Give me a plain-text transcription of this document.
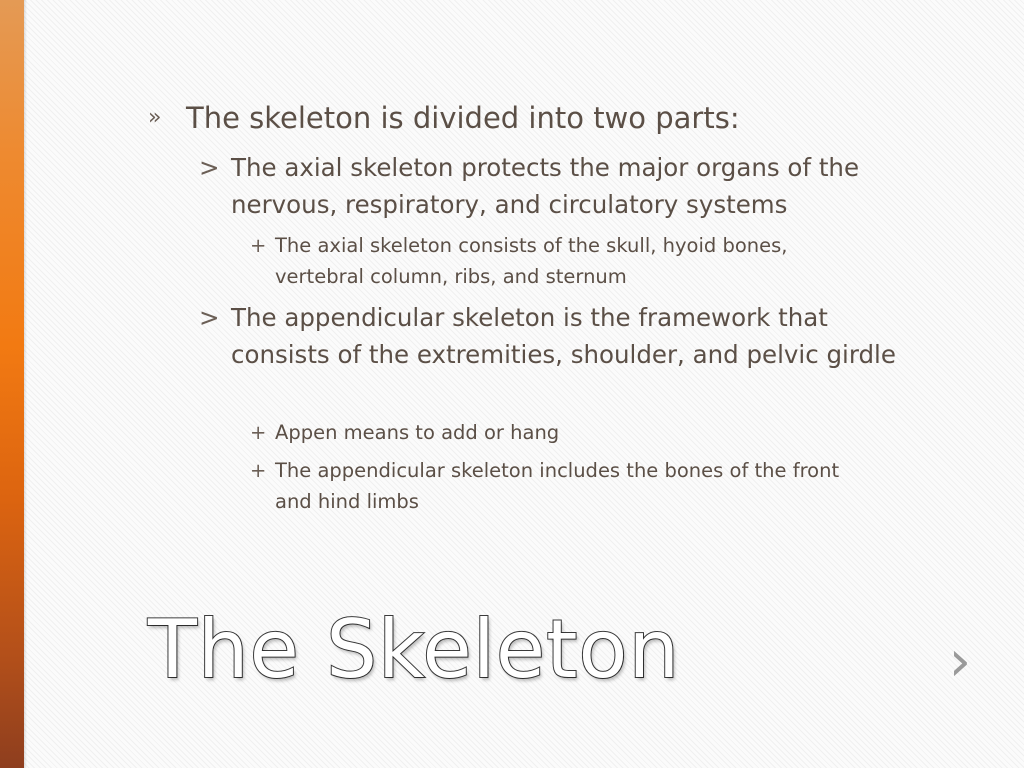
» The skeleton is divided into two parts:
> The axial skeleton protects the major organs of the nervous, respiratory, and circulatory systems
+ The axial skeleton consists of the skull, hyoid bones, vertebral column, ribs, and sternum
> The appendicular skeleton is the framework that consists of the extremities, shoulder, and pelvic girdle
+ Appen means to add or hang
+ The appendicular skeleton includes the bones of the front and hind limbs
The Skeleton	›
